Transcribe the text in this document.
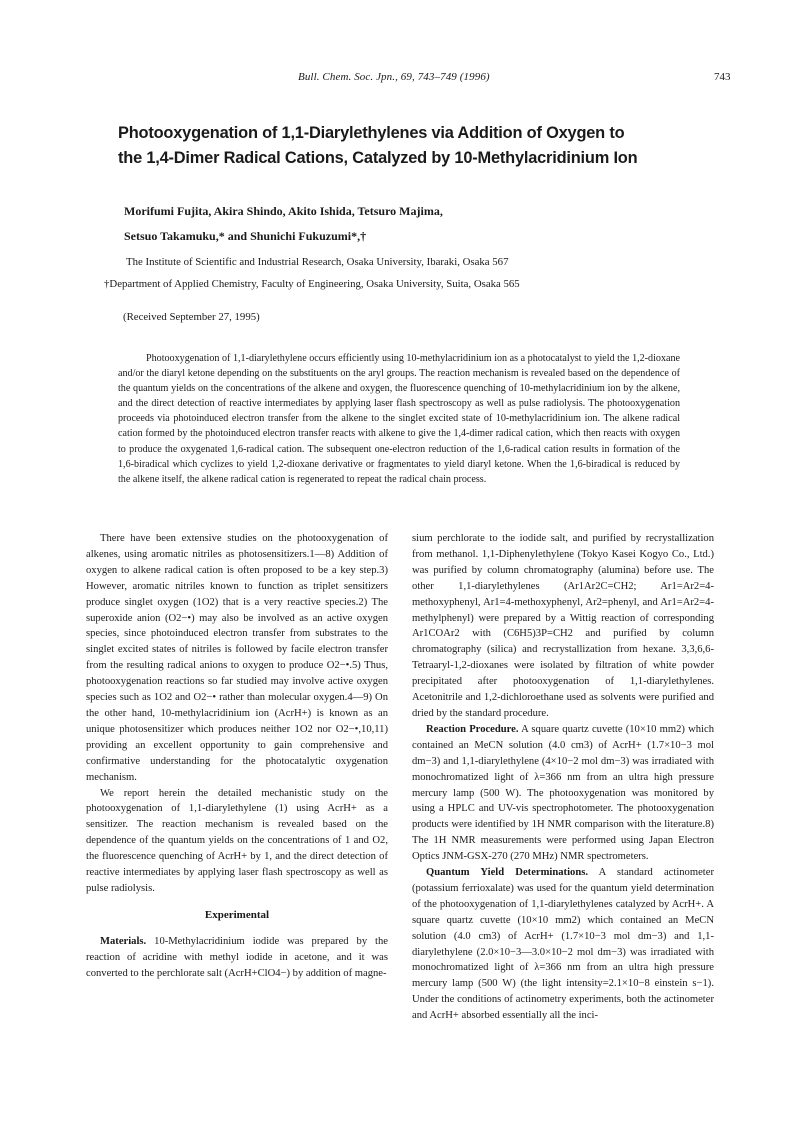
Bull. Chem. Soc. Jpn., 69, 743–749 (1996)	743
Photooxygenation of 1,1-Diarylethylenes via Addition of Oxygen to
the 1,4-Dimer Radical Cations, Catalyzed by 10-Methylacridinium Ion
Morifumi Fujita, Akira Shindo, Akito Ishida, Tetsuro Majima,
Setsuo Takamuku,* and Shunichi Fukuzumi*,†
The Institute of Scientific and Industrial Research, Osaka University, Ibaraki, Osaka 567
†Department of Applied Chemistry, Faculty of Engineering, Osaka University, Suita, Osaka 565
(Received September 27, 1995)

Photooxygenation of 1,1-diarylethylene occurs efficiently using 10-methylacridinium ion as a photocatalyst to yield the 1,2-dioxane and/or the diaryl ketone depending on the substituents on the aryl groups. The reaction mechanism is revealed based on the dependence of the quantum yields on the concentrations of the alkene and oxygen, the fluorescence quenching of 10-methylacridinium ion by the alkene, and the direct detection of reactive intermediates by applying laser flash spectroscopy as well as pulse radiolysis. The photooxygenation proceeds via photoinduced electron transfer from the alkene to the singlet excited state of 10-methylacridinium ion. The alkene radical cation formed by the photoinduced electron transfer reacts with alkene to give the 1,4-dimer radical cation, which then reacts with oxygen to produce the oxygenated 1,6-radical cation. The subsequent one-electron reduction of the 1,6-radical cation results in formation of the 1,6-biradical which cyclizes to yield 1,2-dioxane derivative or fragmentates to yield diaryl ketone. When the 1,6-biradical is reduced by the alkene itself, the alkene radical cation is regenerated to repeat the radical chain process.

There have been extensive studies on the photooxygenation of alkenes, using aromatic nitriles as photosensitizers.1—8) Addition of oxygen to alkene radical cation is often proposed to be a key step.3) However, aromatic nitriles known to function as triplet sensitizers produce singlet oxygen (1O2) that is a very reactive species.2) The superoxide anion (O2−•) may also be involved as an active oxygen species, since photoinduced electron transfer from substrates to the singlet excited states of nitriles is followed by facile electron transfer from the resulting radical anions to oxygen to produce O2−•.5) Thus, photooxygenation reactions so far studied may involve active oxygen species such as 1O2 and O2−• rather than molecular oxygen.4—9) On the other hand, 10-methylacridinium ion (AcrH+) is known as an unique photosensitizer which produces neither 1O2 nor O2−•,10,11) providing an excellent opportunity to gain comprehensive and confirmative understanding for the photocatalytic oxygenation mechanism.

We report herein the detailed mechanistic study on the photooxygenation of 1,1-diarylethylene (1) using AcrH+ as a sensitizer. The reaction mechanism is revealed based on the dependence of the quantum yields on the concentrations of 1 and O2, the fluorescence quenching of AcrH+ by 1, and the direct detection of reactive intermediates by applying laser flash spectroscopy as well as pulse radiolysis.

Experimental

Materials. 10-Methylacridinium iodide was prepared by the reaction of acridine with methyl iodide in acetone, and it was converted to the perchlorate salt (AcrH+ClO4−) by addition of magne-

sium perchlorate to the iodide salt, and purified by recrystallization from methanol. 1,1-Diphenylethylene (Tokyo Kasei Kogyo Co., Ltd.) was purified by column chromatography (alumina) before use. The other 1,1-diarylethylenes (Ar1Ar2C=CH2; Ar1=Ar2=4-methoxyphenyl, Ar1=4-methoxyphenyl, Ar2=phenyl, and Ar1=Ar2=4-methylphenyl) were prepared by a Wittig reaction of corresponding Ar1COAr2 with (C6H5)3P=CH2 and purified by column chromatography (silica) and recrystallization from hexane. 3,3,6,6-Tetraaryl-1,2-dioxanes were isolated by filtration of white powder precipitated after photooxygenation of 1,1-diarylethylenes. Acetonitrile and 1,2-dichloroethane used as solvents were purified and dried by the standard procedure.

Reaction Procedure. A square quartz cuvette (10×10 mm2) which contained an MeCN solution (4.0 cm3) of AcrH+ (1.7×10−3 mol dm−3) and 1,1-diarylethylene (4×10−2 mol dm−3) was irradiated with monochromatized light of λ=366 nm from an ultra high pressure mercury lamp (500 W). The photooxygenation was monitored by using a HPLC and UV-vis spectrophotometer. The photooxygenation products were identified by 1H NMR comparison with the literature.8) The 1H NMR measurements were performed using Japan Electron Optics JNM-GSX-270 (270 MHz) NMR spectrometers.

Quantum Yield Determinations. A standard actinometer (potassium ferrioxalate) was used for the quantum yield determination of the photooxygenation of 1,1-diarylethylenes catalyzed by AcrH+. A square quartz cuvette (10×10 mm2) which contained an MeCN solution (4.0 cm3) of AcrH+ (1.7×10−3 mol dm−3) and 1,1-diarylethylene (2.0×10−3—3.0×10−2 mol dm−3) was irradiated with monochromatized light of λ=366 nm from an ultra high pressure mercury lamp (500 W) (the light intensity=2.1×10−8 einstein s−1). Under the conditions of actinometry experiments, both the actinometer and AcrH+ absorbed essentially all the inci-
